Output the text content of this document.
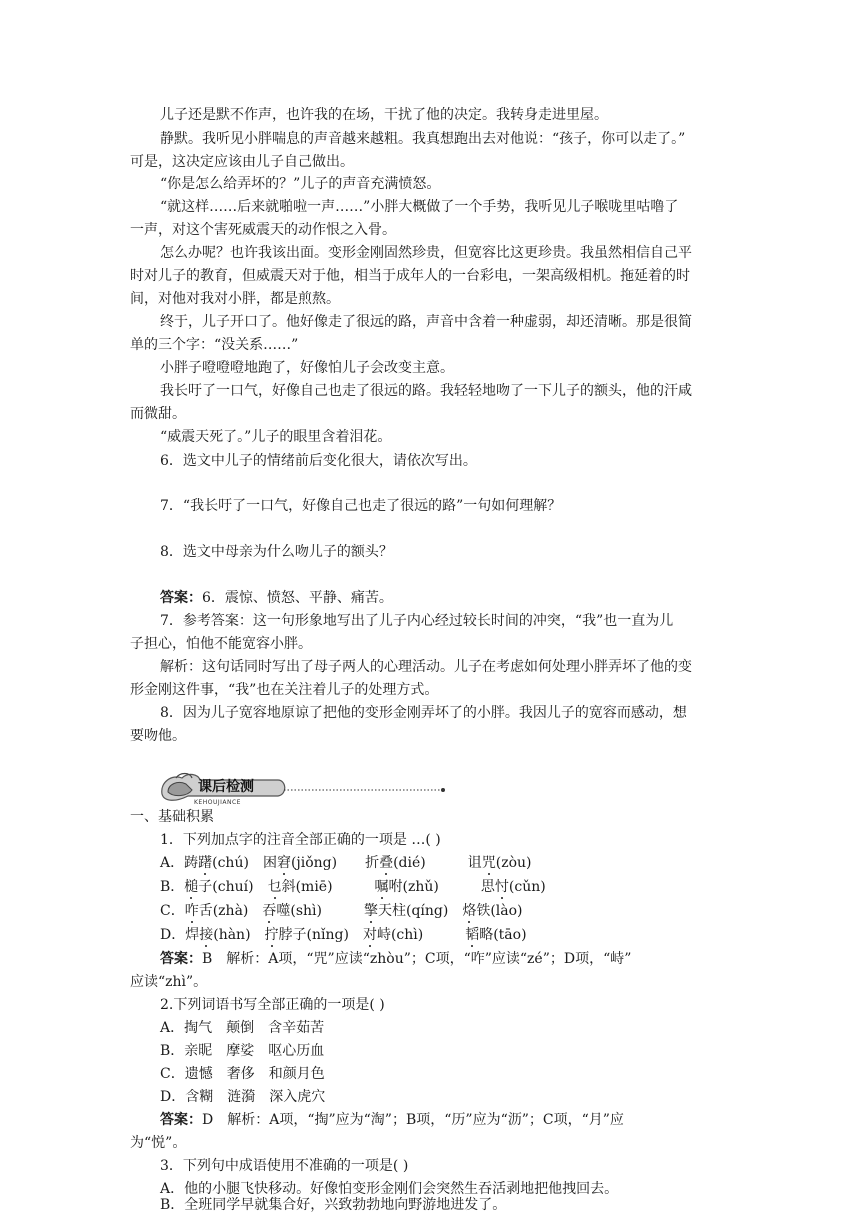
儿子还是默不作声，也许我的在场，干扰了他的决定。我转身走进里屋。
静默。我听见小胖喘息的声音越来越粗。我真想跑出去对他说：“孩子，你可以走了。”
可是，这决定应该由儿子自己做出。
“你是怎么给弄坏的？”儿子的声音充满愤怒。
“就这样……后来就啪啦一声……”小胖大概做了一个手势，我听见儿子喉咙里咕噜了
一声，对这个害死威震天的动作恨之入骨。
怎么办呢？也许我该出面。变形金刚固然珍贵，但宽容比这更珍贵。我虽然相信自己平
时对儿子的教育，但威震天对于他，相当于成年人的一台彩电，一架高级相机。拖延着的时
间，对他对我对小胖，都是煎熬。
终于，儿子开口了。他好像走了很远的路，声音中含着一种虚弱，却还清晰。那是很简
单的三个字：“没关系……”
小胖子噔噔噔地跑了，好像怕儿子会改变主意。
我长吁了一口气，好像自己也走了很远的路。我轻轻地吻了一下儿子的额头，他的汗咸
而微甜。
“威震天死了。”儿子的眼里含着泪花。
6．选文中儿子的情绪前后变化很大，请依次写出。
7．“我长吁了一口气，好像自己也走了很远的路”一句如何理解？
8．选文中母亲为什么吻儿子的额头？
答案：6．震惊、愤怒、平静、痛苦。
7．参考答案：这一句形象地写出了儿子内心经过较长时间的冲突，“我”也一直为儿
子担心，怕他不能宽容小胖。
解析：这句话同时写出了母子两人的心理活动。儿子在考虑如何处理小胖弄坏了他的变
形金刚这件事，“我”也在关注着儿子的处理方式。
8．因为儿子宽容地原谅了把他的变形金刚弄坏了的小胖。我因儿子的宽容而感动，想
要吻他。
课后检测
KEHOUJIANCE
一、基础积累
1．下列加点字的注音全部正确的一项是 …( )
A．踌躇(chú)　 困窘(jiǒng)　　 折叠(dié)　　　	诅咒(zòu)
B．槌子(chuí)　 乜斜(miē)　　　	嘱咐(zhǔ)　　　	思忖(cǔn)
C．咋舌(zhà)　 吞噬(shì)　　　	擎天柱(qíng)　 烙铁(lào)
D．焊接(hàn)　 拧脖子(nǐng)　 对峙(chì)　　　	韬略(tāo)
答案：B　解析：A项，“咒”应读“zhòu”；C项，“咋”应读“zé”；D项，“峙”
应读“zhì”。
2.下列词语书写全部正确的一项是( )
A．掏气　颠倒　含辛茹苦
B．亲昵　摩娑　呕心历血
C．遗憾　奢侈　和颜月色
D．含糊　涟漪　深入虎穴
答案：D　解析：A项，“掏”应为“淘”；B项，“历”应为“沥”；C项，“月”应
为“悦”。
3．下列句中成语使用不准确的一项是( )
A．他的小腿飞快移动。好像怕变形金刚们会突然生吞活剥地把他拽回去。
B．全班同学早就集合好，兴致勃勃地向野游地进发了。
